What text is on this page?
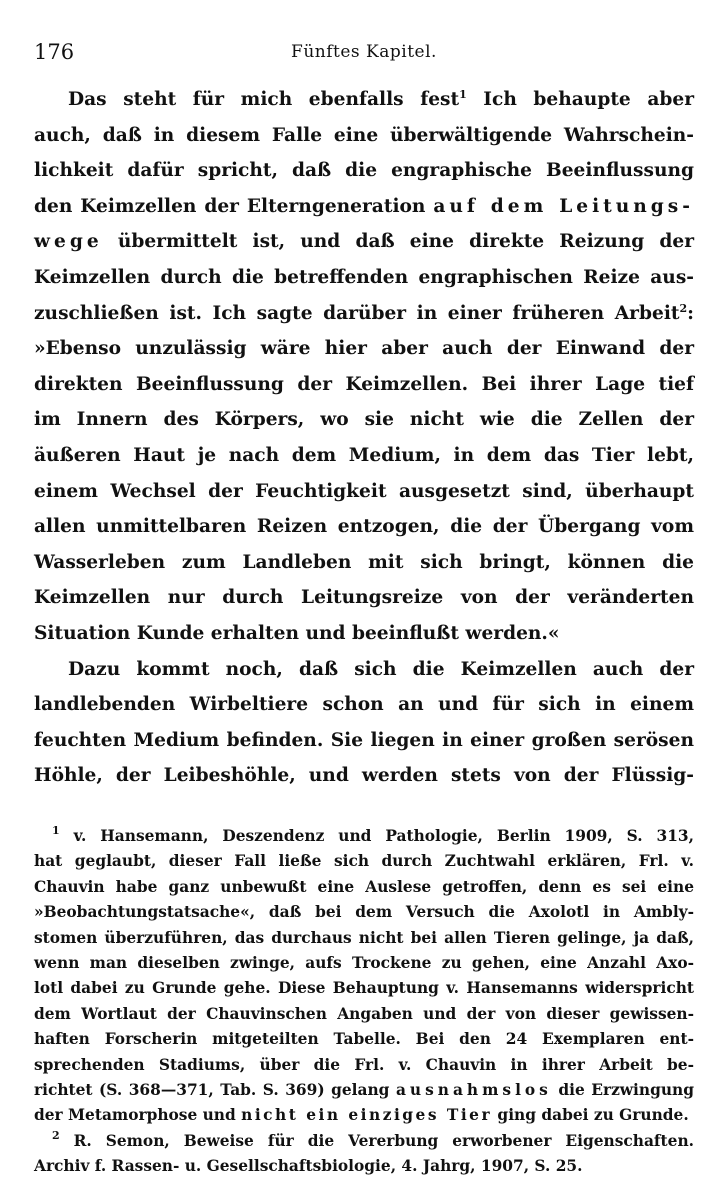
176	Fünftes Kapitel.
Das steht für mich ebenfalls fest$^1$ Ich behaupte aber
auch, daß in diesem Falle eine überwältigende Wahrschein-
lichkeit dafür spricht, daß die engraphische Beeinflussung
den Keimzellen der Elterngeneration auf dem Leitungs-
wege übermittelt ist, und daß eine direkte Reizung der
Keimzellen durch die betreffenden engraphischen Reize aus-
zuschließen ist. Ich sagte darüber in einer früheren Arbeit$^2$:
»Ebenso unzulässig wäre hier aber auch der Einwand der
direkten Beeinflussung der Keimzellen. Bei ihrer Lage tief
im Innern des Körpers, wo sie nicht wie die Zellen der
äußeren Haut je nach dem Medium, in dem das Tier lebt,
einem Wechsel der Feuchtigkeit ausgesetzt sind, überhaupt
allen unmittelbaren Reizen entzogen, die der Übergang vom
Wasserleben zum Landleben mit sich bringt, können die
Keimzellen nur durch Leitungsreize von der veränderten
Situation Kunde erhalten und beeinflußt werden.«
Dazu kommt noch, daß sich die Keimzellen auch der
landlebenden Wirbeltiere schon an und für sich in einem
feuchten Medium befinden. Sie liegen in einer großen serösen
Höhle, der Leibeshöhle, und werden stets von der Flüssig-
$^1$ v. Hansemann, Deszendenz und Pathologie, Berlin 1909, S. 313,
hat geglaubt, dieser Fall ließe sich durch Zuchtwahl erklären, Frl. v.
Chauvin habe ganz unbewußt eine Auslese getroffen, denn es sei eine
»Beobachtungstatsache«, daß bei dem Versuch die Axolotl in Ambly-
stomen überzuführen, das durchaus nicht bei allen Tieren gelinge, ja daß,
wenn man dieselben zwinge, aufs Trockene zu gehen, eine Anzahl Axo-
lotl dabei zu Grunde gehe. Diese Behauptung v. Hansemanns widerspricht
dem Wortlaut der Chauvinschen Angaben und der von dieser gewissen-
haften Forscherin mitgeteilten Tabelle. Bei den 24 Exemplaren ent-
sprechenden Stadiums, über die Frl. v. Chauvin in ihrer Arbeit be-
richtet (S. 368—371, Tab. S. 369) gelang ausnahmslos die Erzwingung
der Metamorphose und nicht ein einziges Tier ging dabei zu Grunde.
$^2$ R. Semon, Beweise für die Vererbung erworbener Eigenschaften.
Archiv f. Rassen- u. Gesellschaftsbiologie, 4. Jahrg, 1907, S. 25.
